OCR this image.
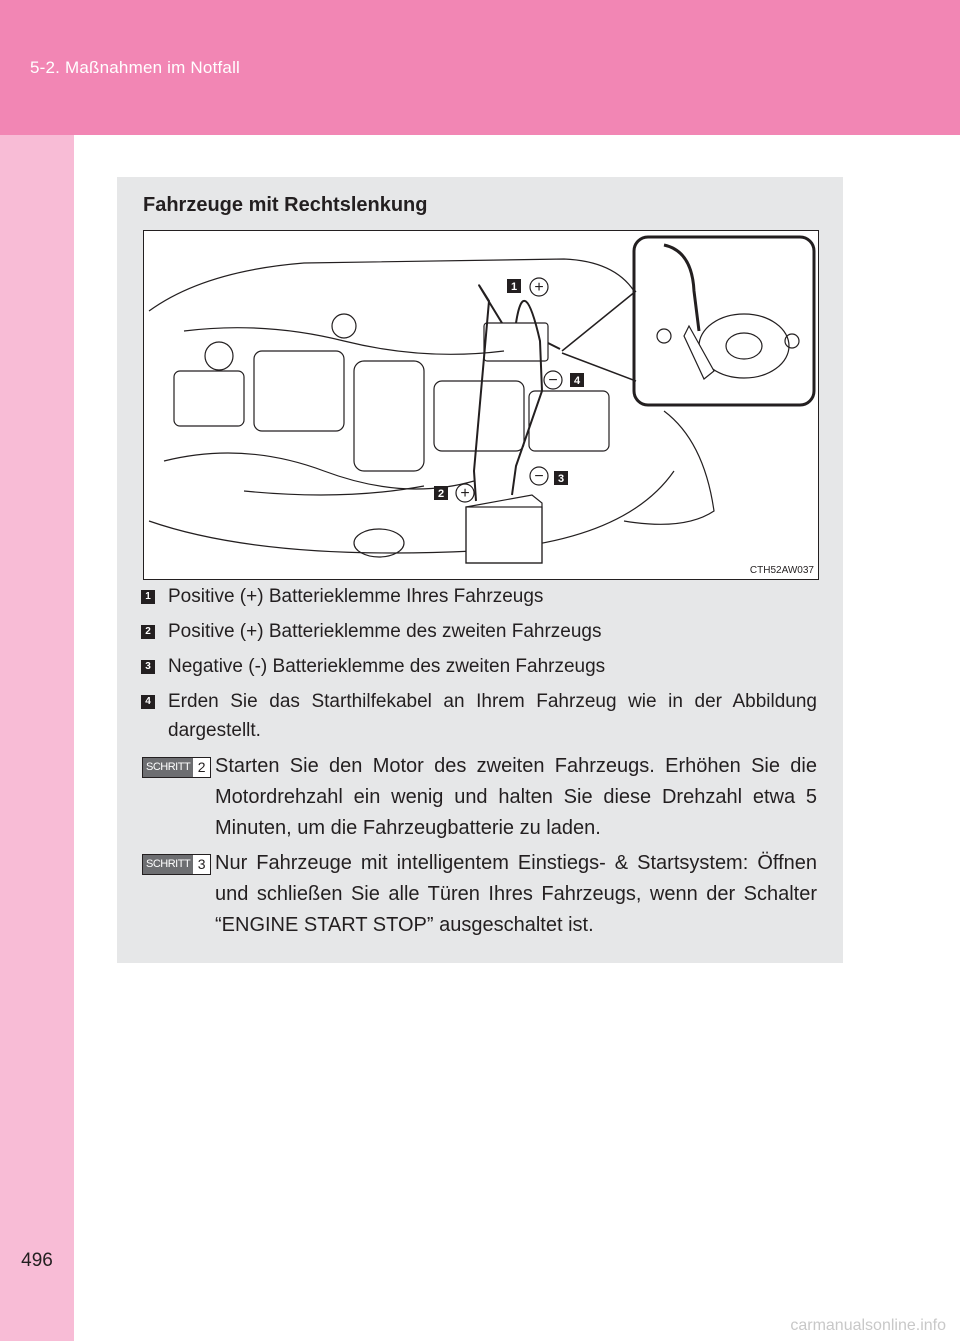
5-2. Maßnahmen im Notfall
496
Fahrzeuge mit Rechtslenkung
1
2
3
4
+
+
−
−
CTH52AW037
1 Positive (+) Batterieklemme Ihres Fahrzeugs
2 Positive (+) Batterieklemme des zweiten Fahrzeugs
3 Negative (-) Batterieklemme des zweiten Fahrzeugs
4 Erden Sie das Starthilfekabel an Ihrem Fahrzeug wie in der Abbildung dargestellt.
SCHRITT 2 Starten Sie den Motor des zweiten Fahrzeugs. Erhöhen Sie die Motordrehzahl ein wenig und halten Sie diese Drehzahl etwa 5 Minuten, um die Fahrzeugbatterie zu laden.
SCHRITT 3 Nur Fahrzeuge mit intelligentem Einstiegs- & Startsystem: Öffnen und schließen Sie alle Türen Ihres Fahrzeugs, wenn der Schalter “ENGINE START STOP” ausgeschaltet ist.
carmanualsonline.info
